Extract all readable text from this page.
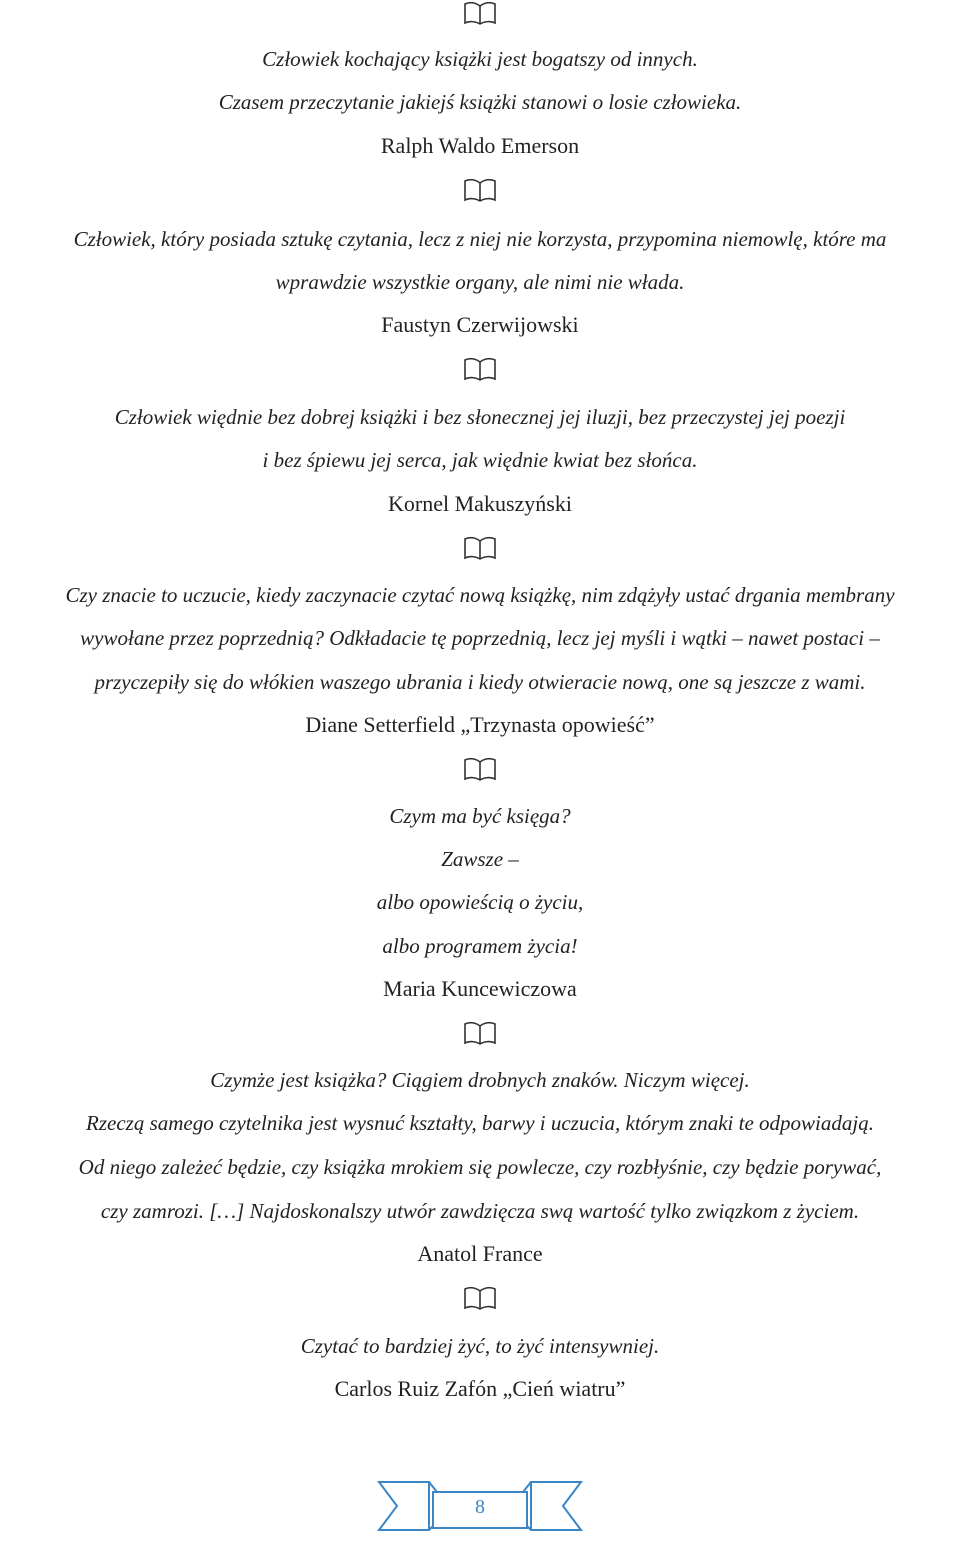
Człowiek kochający książki jest bogatszy od innych.
Czasem przeczytanie jakiejś książki stanowi o losie człowieka.
Ralph Waldo Emerson
Człowiek, który posiada sztukę czytania, lecz z niej nie korzysta, przypomina niemowlę, które ma
wprawdzie wszystkie organy, ale nimi nie włada.
Faustyn Czerwijowski
Człowiek więdnie bez dobrej książki i bez słonecznej jej iluzji, bez przeczystej jej poezji
i bez śpiewu jej serca, jak więdnie kwiat bez słońca.
Kornel Makuszyński
Czy znacie to uczucie, kiedy zaczynacie czytać nową książkę, nim zdążyły ustać drgania membrany
wywołane przez poprzednią? Odkładacie tę poprzednią, lecz jej myśli i wątki – nawet postaci –
przyczepiły się do włókien waszego ubrania i kiedy otwieracie nową, one są jeszcze z wami.
Diane Setterfield „Trzynasta opowieść”
Czym ma być księga?
Zawsze –
albo opowieścią o życiu,
albo programem życia!
Maria Kuncewiczowa
Czymże jest książka? Ciągiem drobnych znaków. Niczym więcej.
Rzeczą samego czytelnika jest wysnuć kształty, barwy i uczucia, którym znaki te odpowiadają.
Od niego zależeć będzie, czy książka mrokiem się powlecze, czy rozbłyśnie, czy będzie porywać,
czy zamrozi. […] Najdoskonalszy utwór zawdzięcza swą wartość tylko związkom z życiem.
Anatol France
Czytać to bardziej żyć, to żyć intensywniej.
Carlos Ruiz Zafón „Cień wiatru”
8
